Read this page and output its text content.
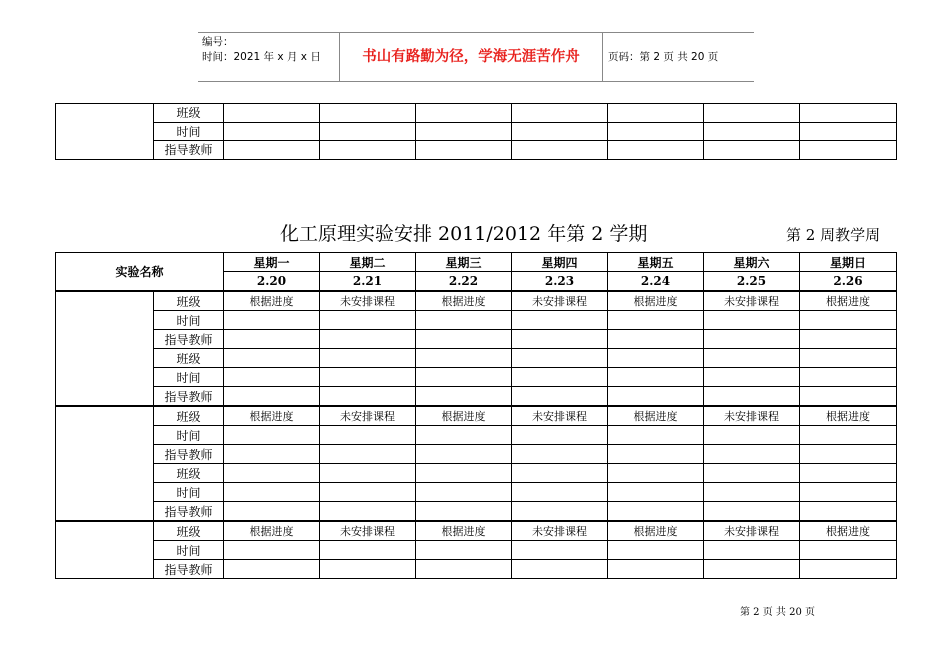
编号：
时间：2021 年 x 月 x 日	书山有路勤为径，学海无涯苦作舟	页码：第 2 页 共 20 页
	班级							
	时间							
	指导教师							
化工原理实验安排 2011/2012 年第 2 学期	第 2 周教学周
实验名称		星期一	星期二	星期三	星期四	星期五	星期六	星期日
		2.20	2.21	2.22	2.23	2.24	2.25	2.26
	班级	根据进度	未安排课程	根据进度	未安排课程	根据进度	未安排课程	根据进度
	时间							
	指导教师							
	班级							
	时间							
	指导教师							
	班级	根据进度	未安排课程	根据进度	未安排课程	根据进度	未安排课程	根据进度
	时间							
	指导教师							
	班级							
	时间							
	指导教师							
	班级	根据进度	未安排课程	根据进度	未安排课程	根据进度	未安排课程	根据进度
	时间							
	指导教师							
第 2 页 共 20 页
